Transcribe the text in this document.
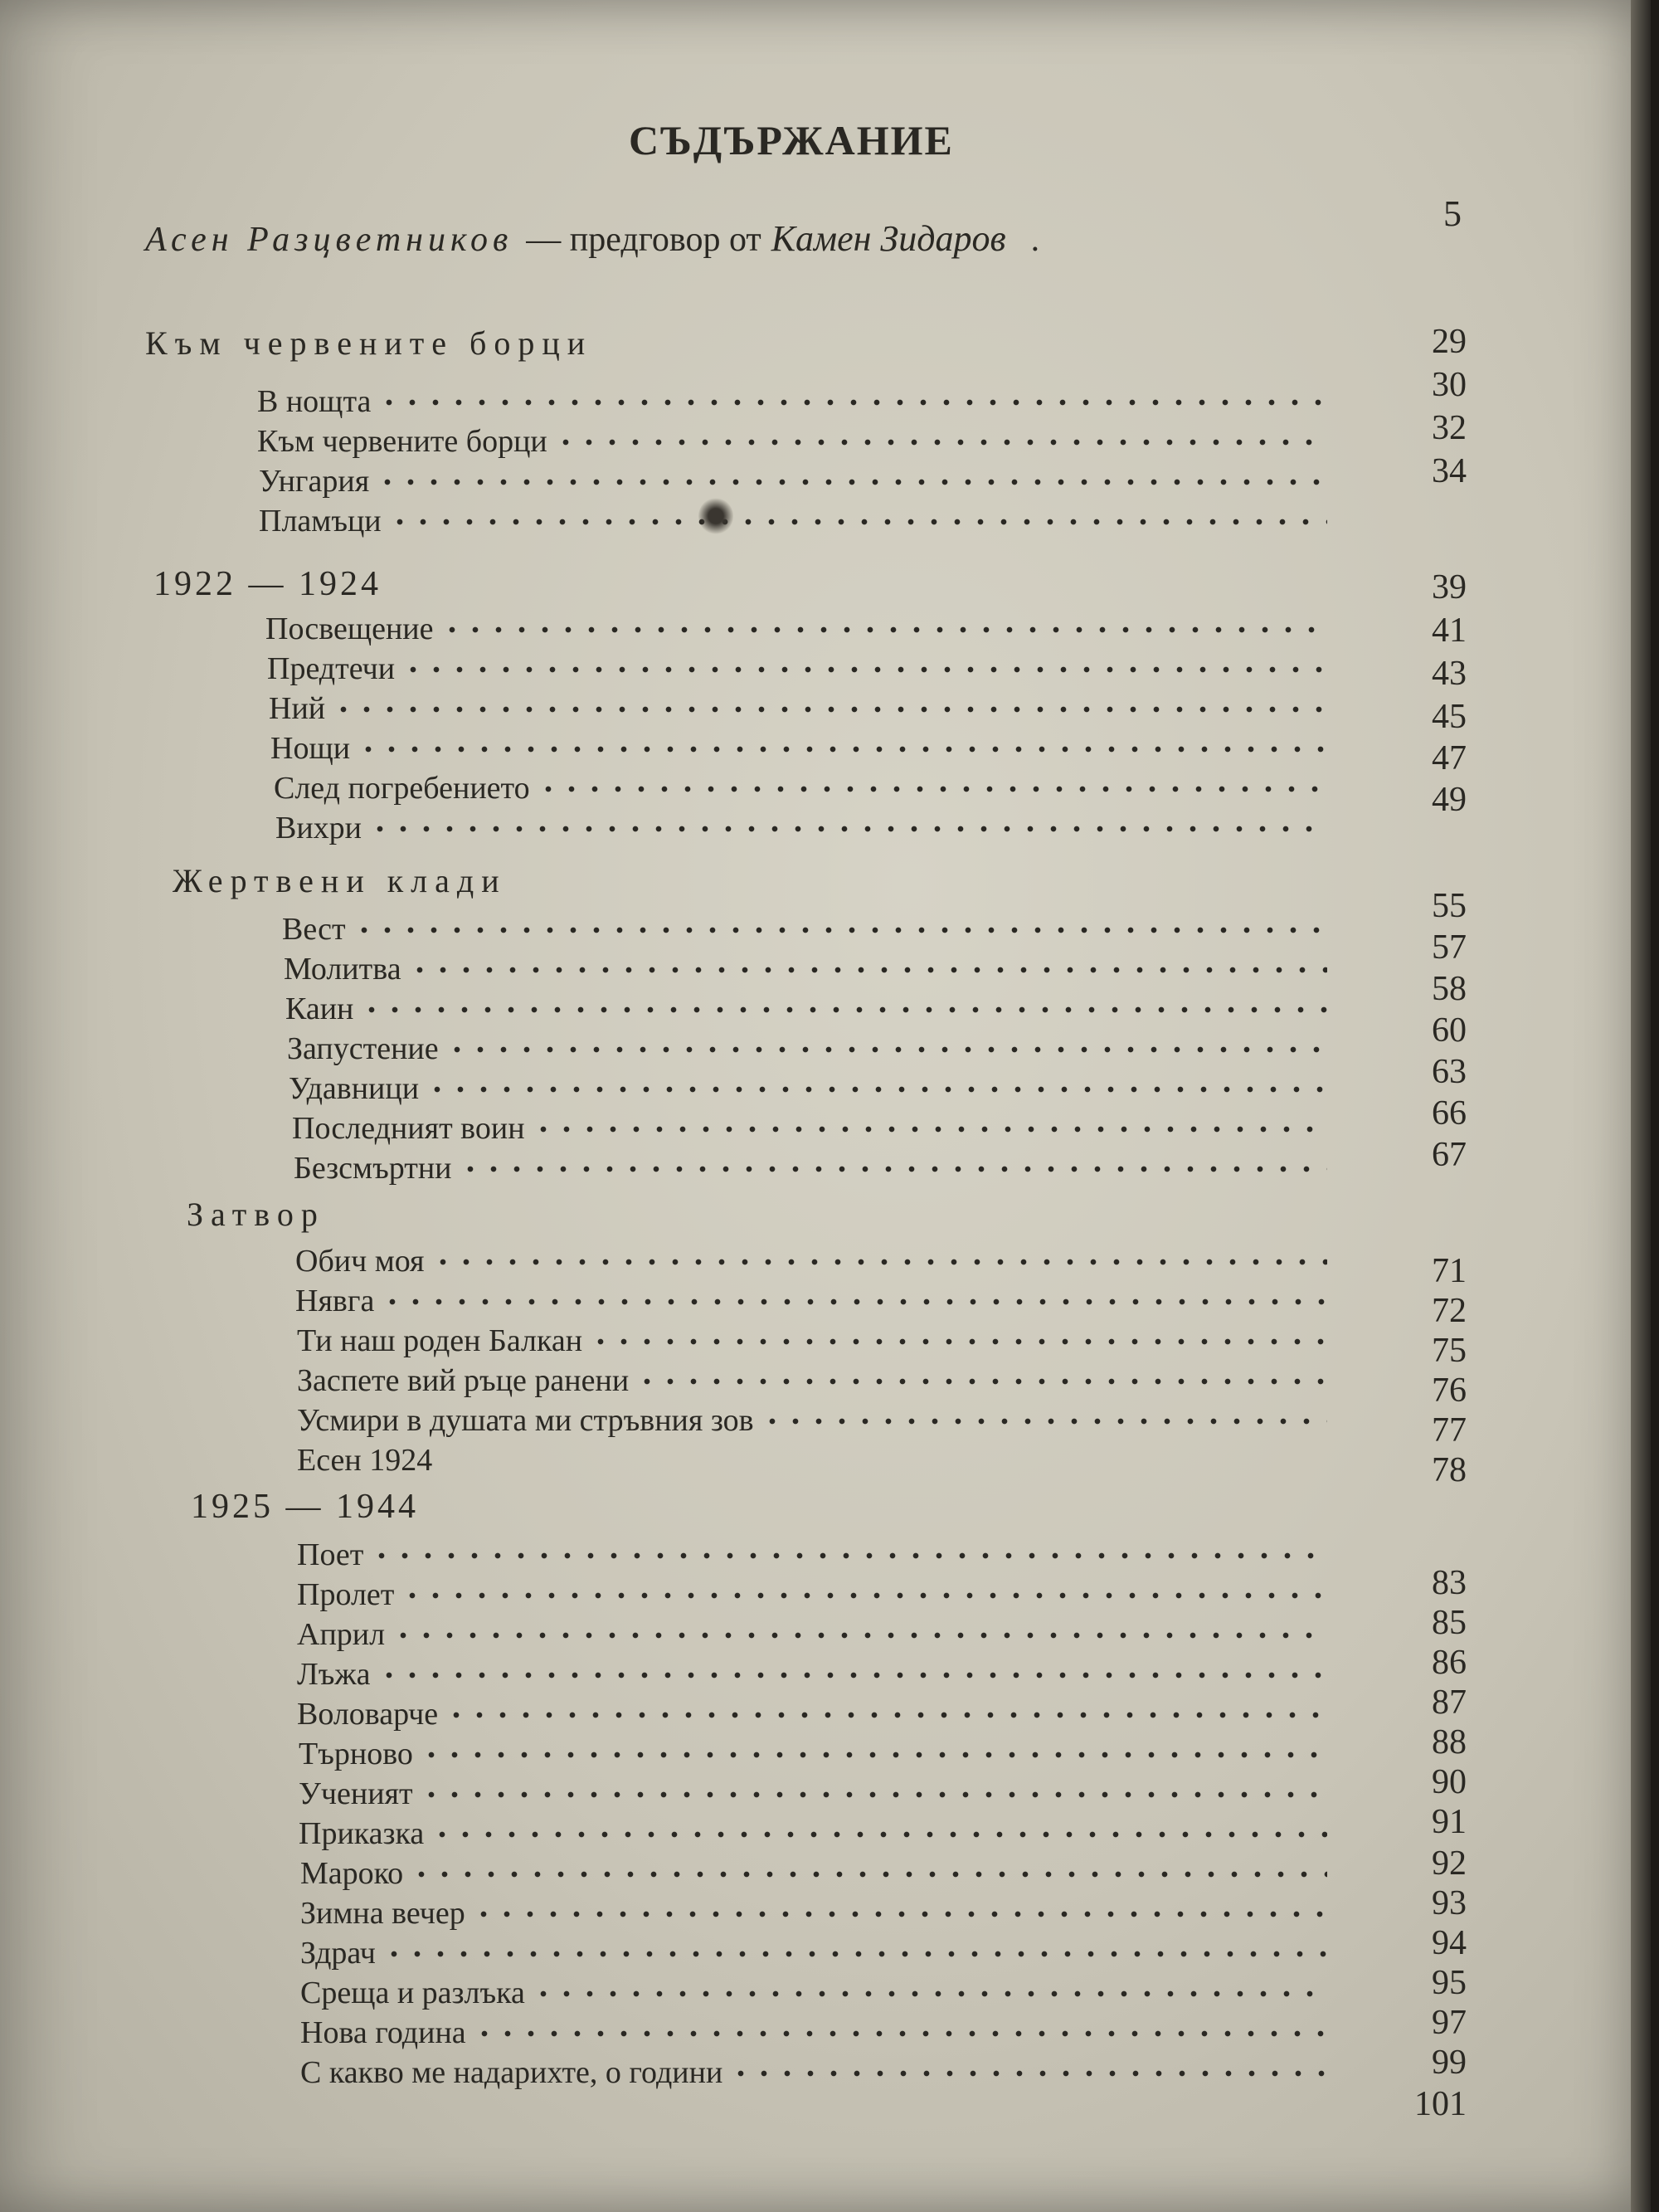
СЪДЪРЖАНИЕ
Асен Разцветников — предговор от Камен Зидаров .
5
Към червените борци
В нощта
Към червените борци
Унгария
Пламъци
1922 — 1924
Посвещение
Предтечи
Ний
Нощи
След погребението
Вихри
Жертвени клади
Вест
Молитва
Каин
Запустение
Удавници
Последният воин
Безсмъртни
Затвор
Обич моя
Нявга
Ти наш роден Балкан
Заспете вий ръце ранени
Усмири в душата ми стръвния зов
Есен 1924
1925 — 1944
Поет
Пролет
Април
Лъжа
Воловарче
Търново
Ученият
Приказка
Мароко
Зимна вечер
Здрач
Среща и разлъка
Нова година
С какво ме надарихте, о години
29
30
32
34
39
41
43
45
47
49
55
57
58
60
63
66
67
71
72
75
76
77
78
83
85
86
87
88
90
91
92
93
94
95
97
99
101
